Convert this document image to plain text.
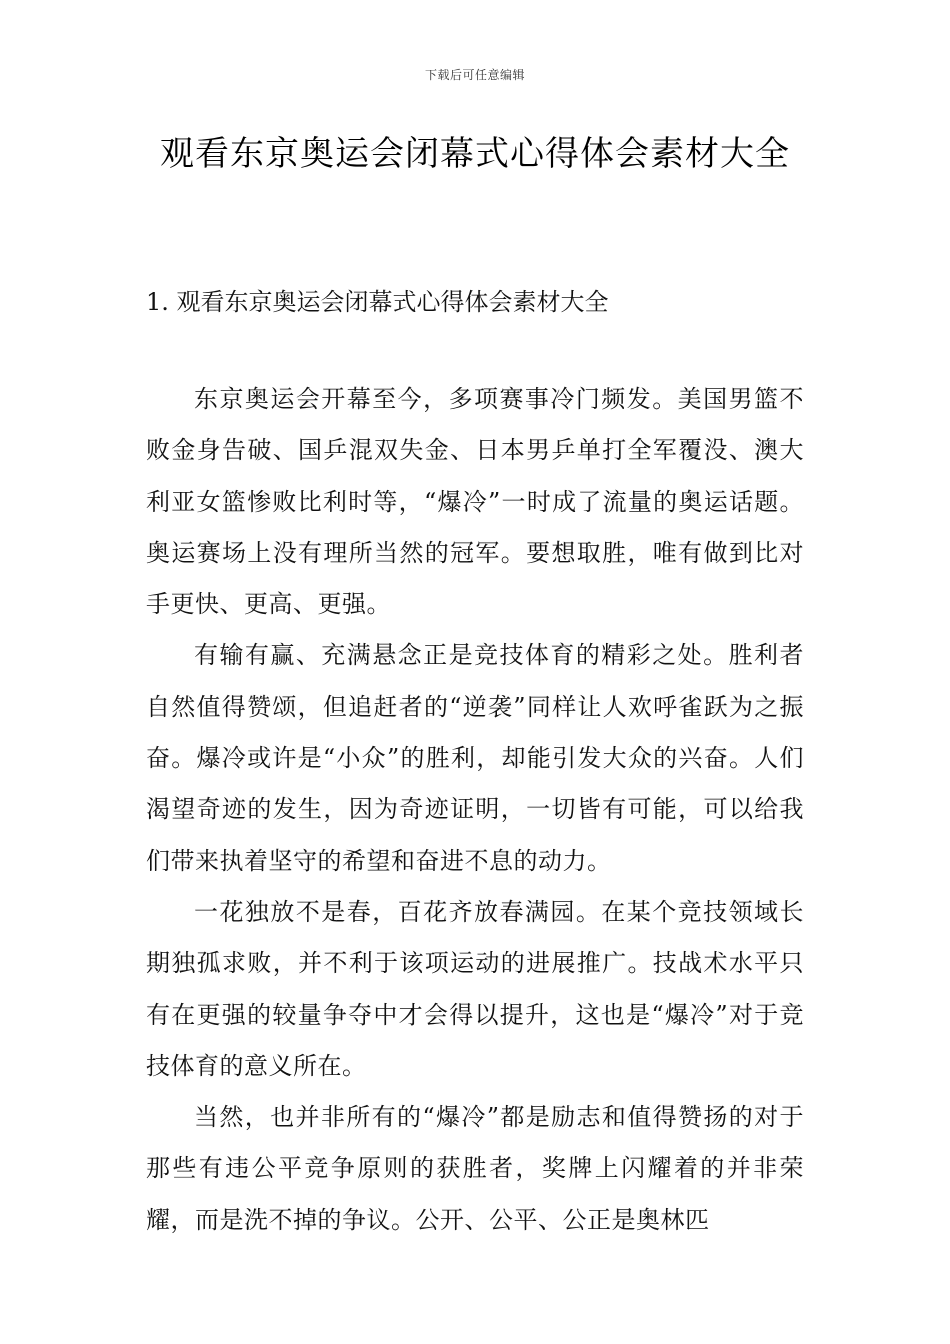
下载后可任意编辑
观看东京奥运会闭幕式心得体会素材大全
1. 观看东京奥运会闭幕式心得体会素材大全

东京奥运会开幕至今，多项赛事冷门频发。美国男篮不败金身告破、国乒混双失金、日本男乒单打全军覆没、澳大利亚女篮惨败比利时等，“爆冷”一时成了流量的奥运话题。奥运赛场上没有理所当然的冠军。要想取胜，唯有做到比对手更快、更高、更强。

有输有赢、充满悬念正是竞技体育的精彩之处。胜利者自然值得赞颂，但追赶者的“逆袭”同样让人欢呼雀跃为之振奋。爆冷或许是“小众”的胜利，却能引发大众的兴奋。人们渴望奇迹的发生，因为奇迹证明，一切皆有可能，可以给我们带来执着坚守的希望和奋进不息的动力。

一花独放不是春，百花齐放春满园。在某个竞技领域长期独孤求败，并不利于该项运动的进展推广。技战术水平只有在更强的较量争夺中才会得以提升，这也是“爆冷”对于竞技体育的意义所在。

当然，也并非所有的“爆冷”都是励志和值得赞扬的对于那些有违公平竞争原则的获胜者，奖牌上闪耀着的并非荣耀，而是洗不掉的争议。公开、公平、公正是奥林匹
